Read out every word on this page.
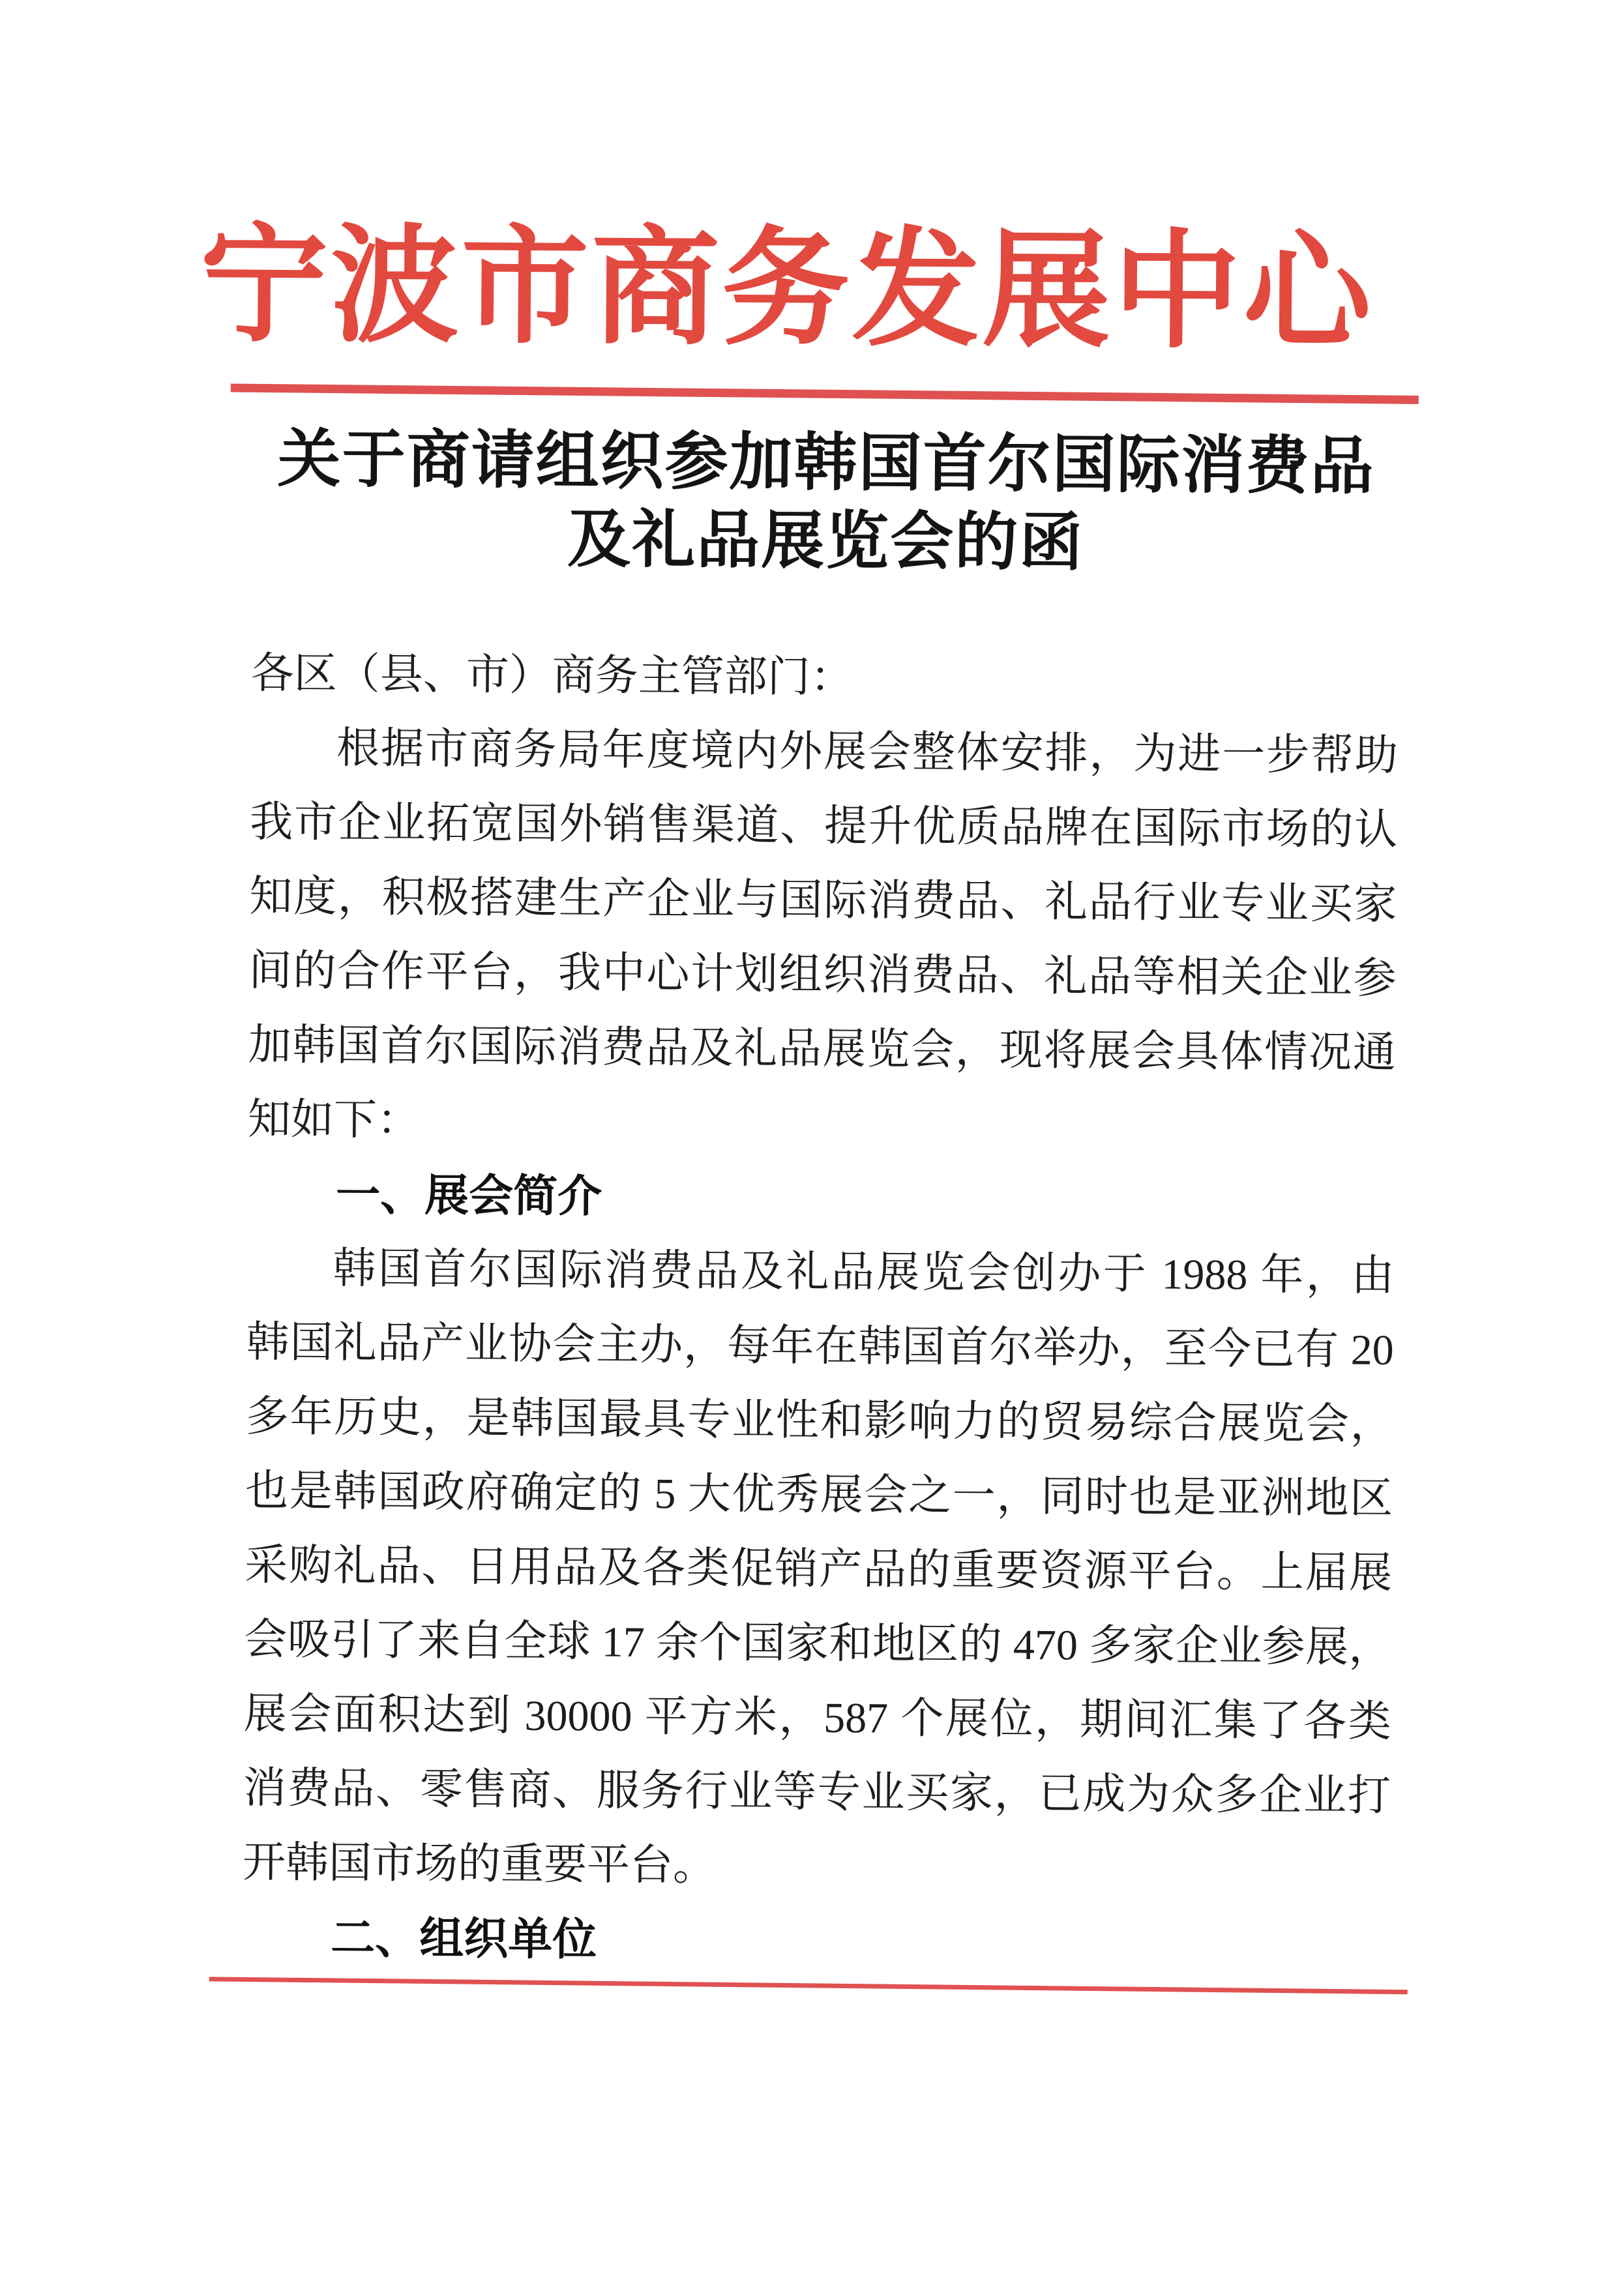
宁波市商务发展中心
关于商请组织参加韩国首尔国际消费品
及礼品展览会的函
各区（县、市）商务主管部门：
根据市商务局年度境内外展会整体安排，为进一步帮助
我市企业拓宽国外销售渠道、提升优质品牌在国际市场的认
知度，积极搭建生产企业与国际消费品、礼品行业专业买家
间的合作平台，我中心计划组织消费品、礼品等相关企业参
加韩国首尔国际消费品及礼品展览会，现将展会具体情况通
知如下：
一、展会简介
韩国首尔国际消费品及礼品展览会创办于 1988 年，由
韩国礼品产业协会主办，每年在韩国首尔举办，至今已有 20
多年历史，是韩国最具专业性和影响力的贸易综合展览会，
也是韩国政府确定的 5 大优秀展会之一，同时也是亚洲地区
采购礼品、日用品及各类促销产品的重要资源平台。上届展
会吸引了来自全球 17 余个国家和地区的 470 多家企业参展，
展会面积达到 30000 平方米，587 个展位，期间汇集了各类
消费品、零售商、服务行业等专业买家，已成为众多企业打
开韩国市场的重要平台。
二、组织单位
